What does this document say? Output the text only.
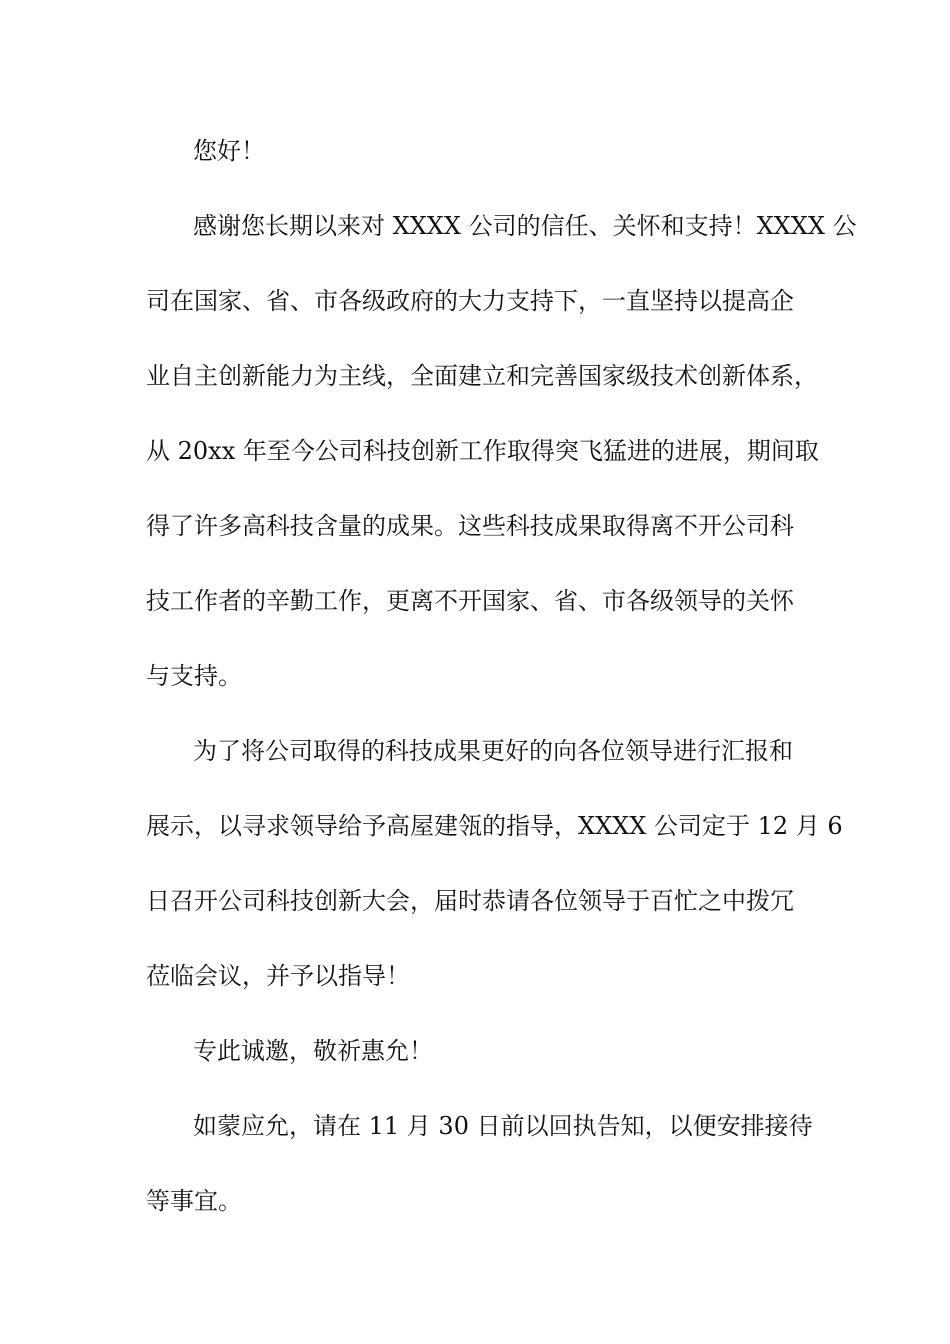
您好！
感谢您长期以来对 XXXX 公司的信任、关怀和支持！XXXX 公
司在国家、省、市各级政府的大力支持下，一直坚持以提高企
业自主创新能力为主线，全面建立和完善国家级技术创新体系，
从 20xx 年至今公司科技创新工作取得突飞猛进的进展，期间取
得了许多高科技含量的成果。这些科技成果取得离不开公司科
技工作者的辛勤工作，更离不开国家、省、市各级领导的关怀
与支持。
为了将公司取得的科技成果更好的向各位领导进行汇报和
展示，以寻求领导给予高屋建瓴的指导，XXXX 公司定于 12 月 6
日召开公司科技创新大会，届时恭请各位领导于百忙之中拨冗
莅临会议，并予以指导！
专此诚邀，敬祈惠允！
如蒙应允，请在 11 月 30 日前以回执告知，以便安排接待
等事宜。
